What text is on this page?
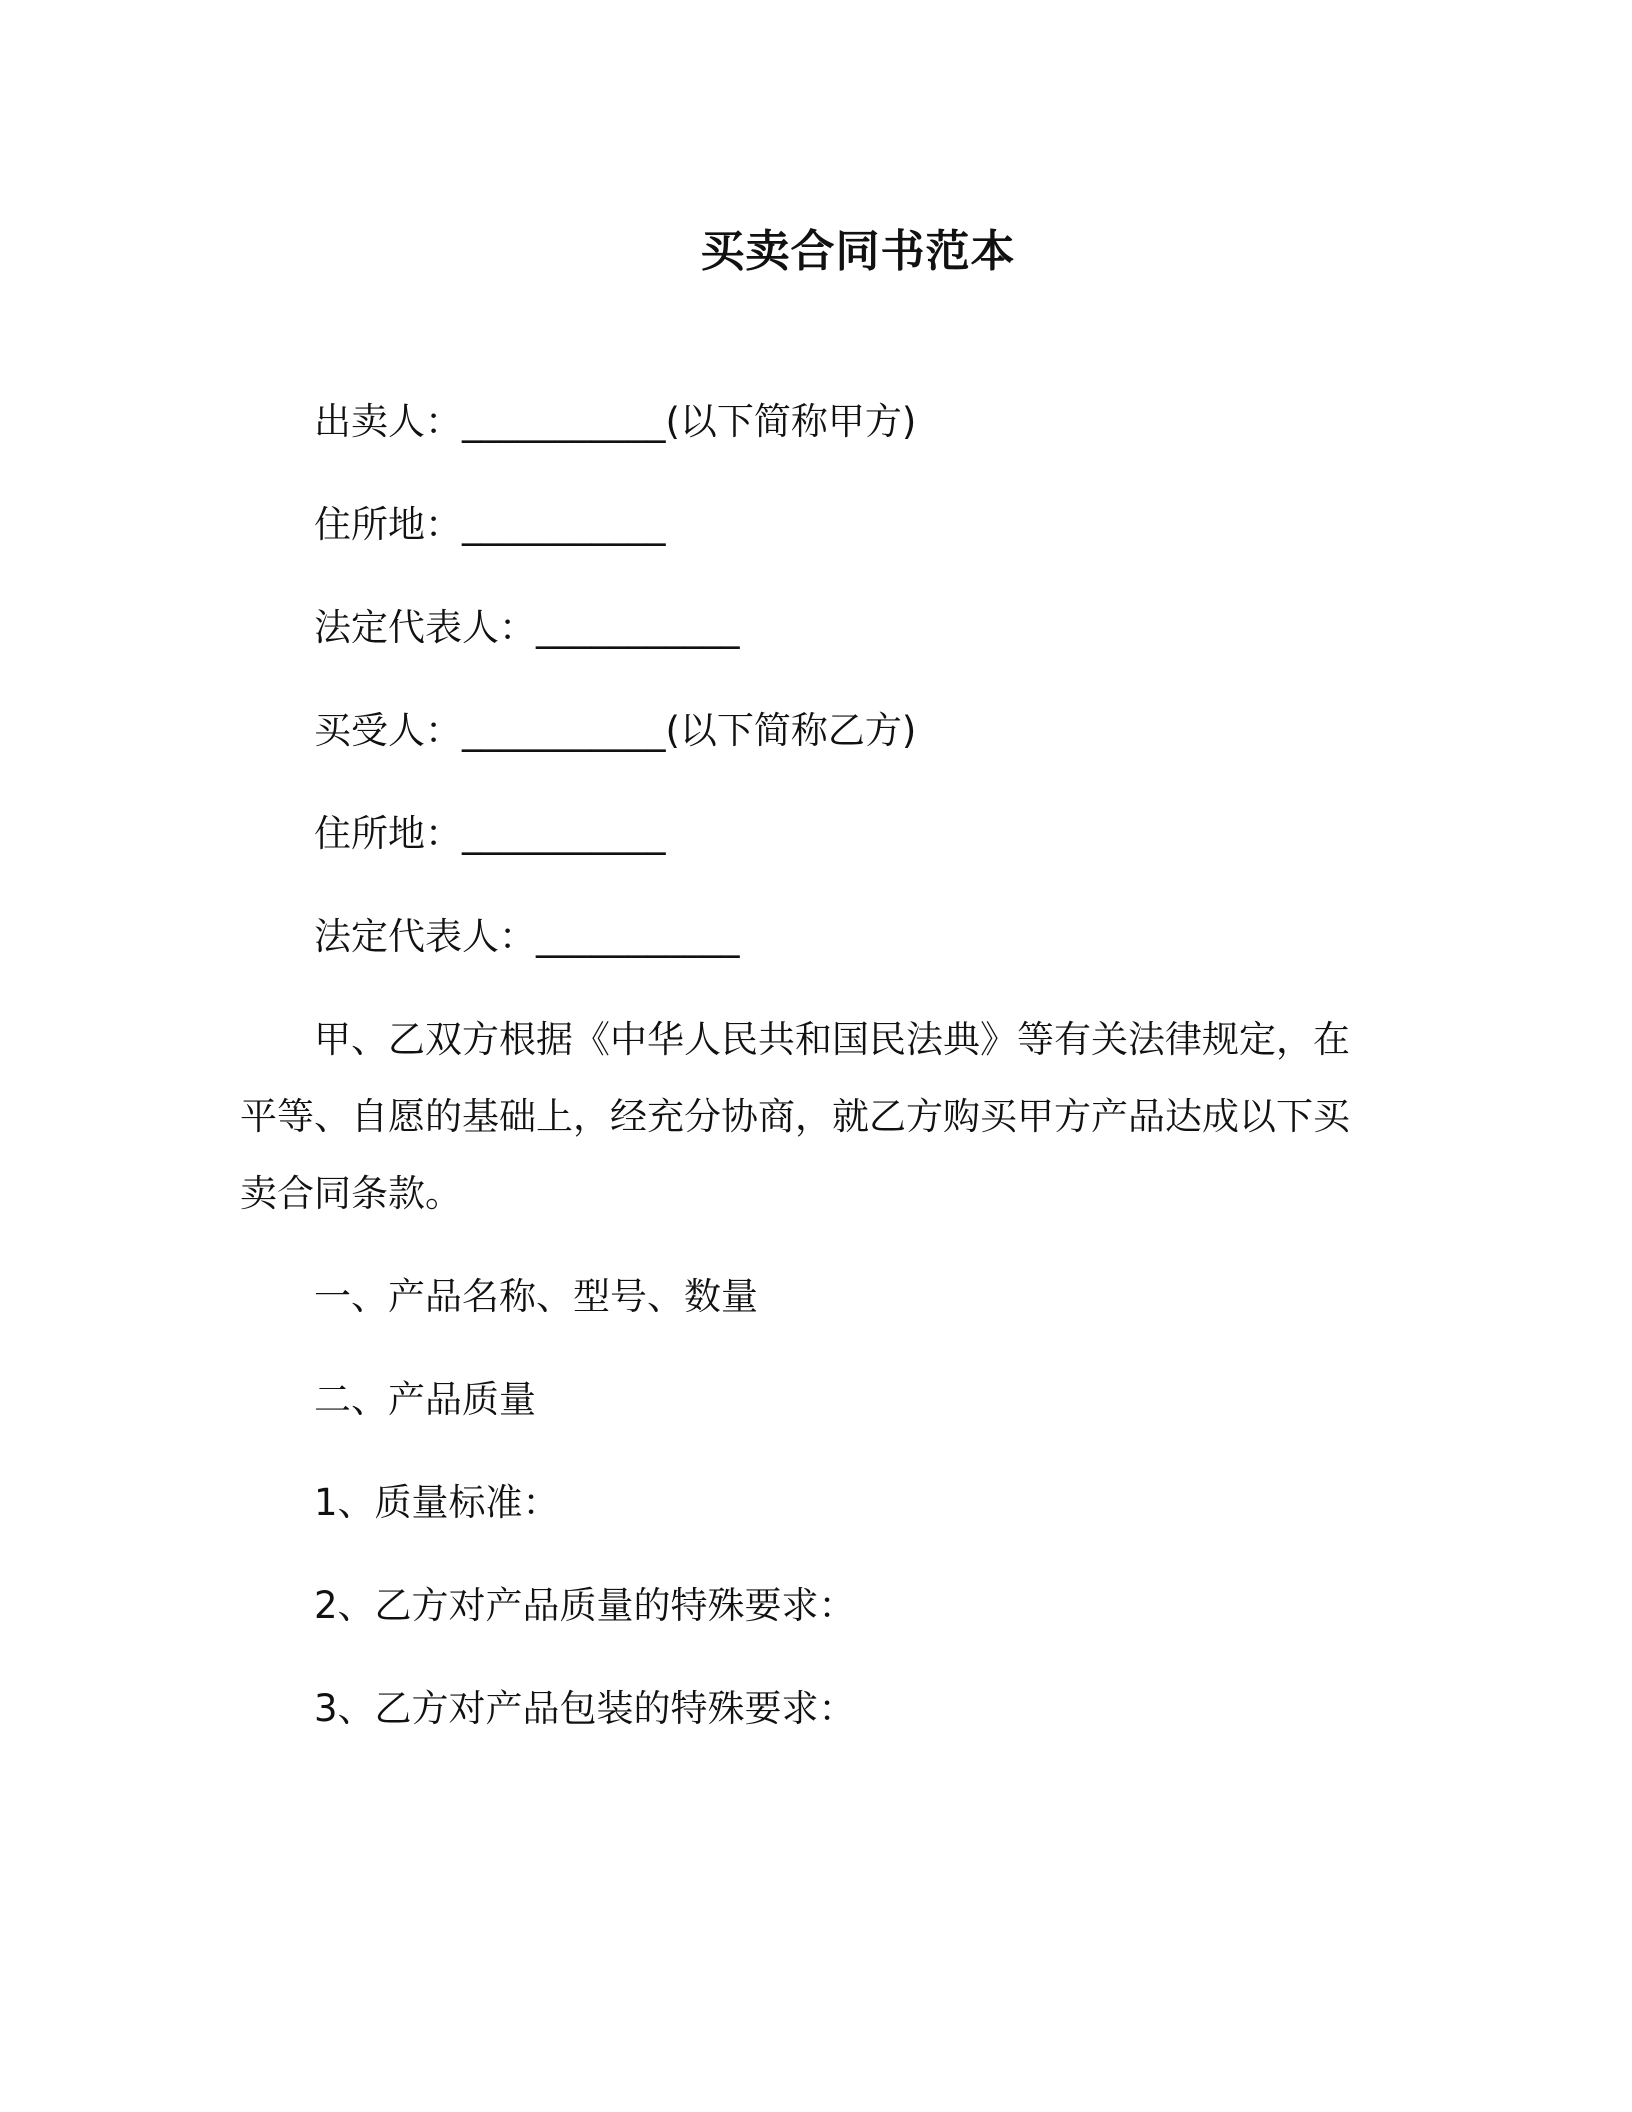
买卖合同书范本
出卖人：___________(以下简称甲方)
住所地：___________
法定代表人：___________
买受人：___________(以下简称乙方)
住所地：___________
法定代表人：___________
甲、乙双方根据《中华人民共和国民法典》等有关法律规定，在
平等、自愿的基础上，经充分协商，就乙方购买甲方产品达成以下买
卖合同条款。
一、产品名称、型号、数量
二、产品质量
1、质量标准：
2、乙方对产品质量的特殊要求：
3、乙方对产品包装的特殊要求：
